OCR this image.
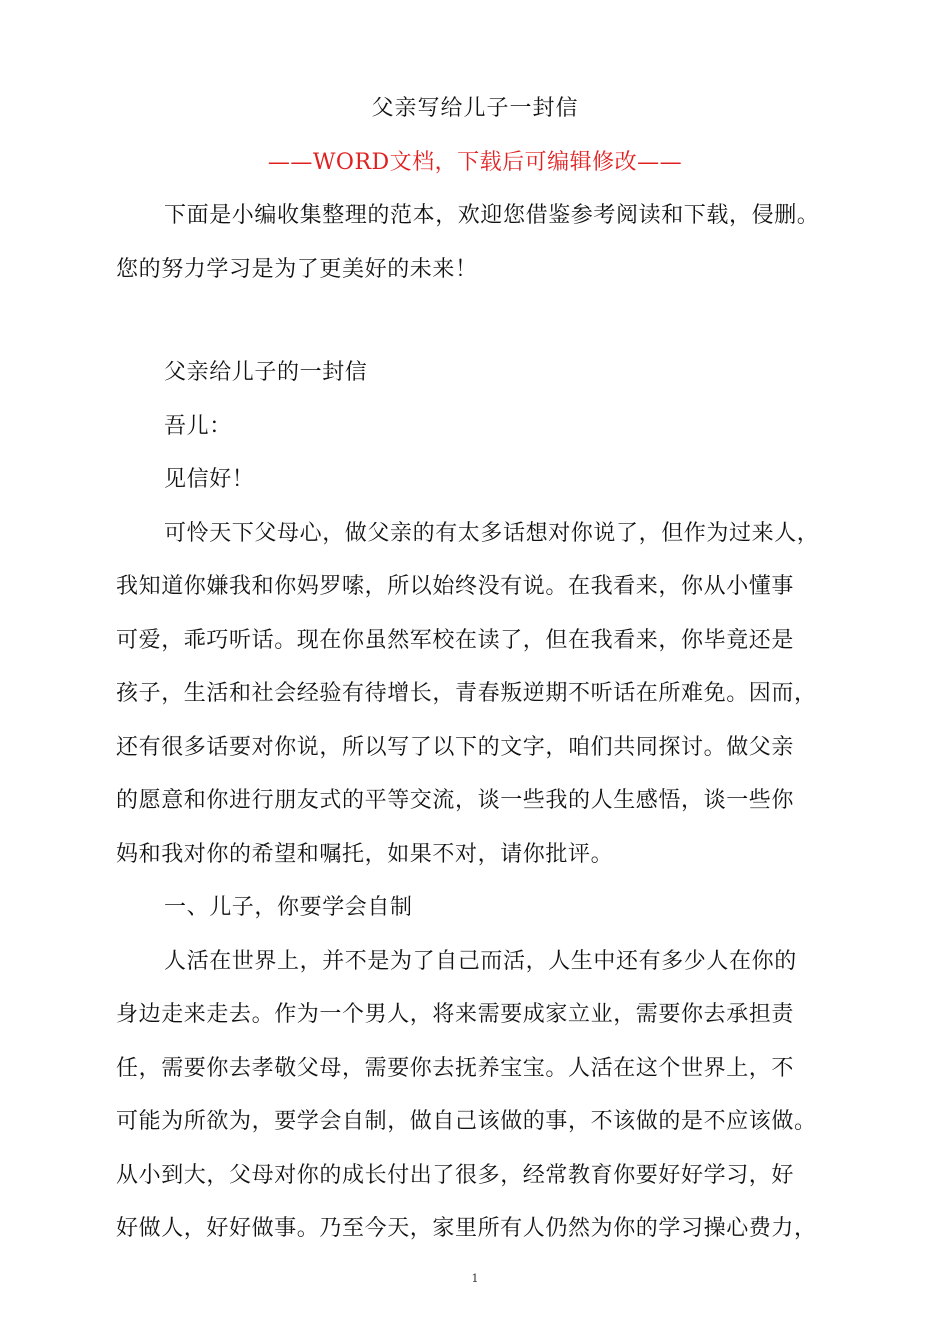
父亲写给儿子一封信
——WORD文档，下载后可编辑修改——
下面是小编收集整理的范本，欢迎您借鉴参考阅读和下载，侵删。
您的努力学习是为了更美好的未来！
父亲给儿子的一封信
吾儿：
见信好！
可怜天下父母心，做父亲的有太多话想对你说了，但作为过来人，
我知道你嫌我和你妈罗嗦，所以始终没有说。在我看来，你从小懂事
可爱，乖巧听话。现在你虽然军校在读了，但在我看来，你毕竟还是
孩子，生活和社会经验有待增长，青春叛逆期不听话在所难免。因而，
还有很多话要对你说，所以写了以下的文字，咱们共同探讨。做父亲
的愿意和你进行朋友式的平等交流，谈一些我的人生感悟，谈一些你
妈和我对你的希望和嘱托，如果不对，请你批评。
一、儿子，你要学会自制
人活在世界上，并不是为了自己而活，人生中还有多少人在你的
身边走来走去。作为一个男人，将来需要成家立业，需要你去承担责
任，需要你去孝敬父母，需要你去抚养宝宝。人活在这个世界上，不
可能为所欲为，要学会自制，做自己该做的事，不该做的是不应该做。
从小到大，父母对你的成长付出了很多，经常教育你要好好学习，好
好做人，好好做事。乃至今天，家里所有人仍然为你的学习操心费力，
1
